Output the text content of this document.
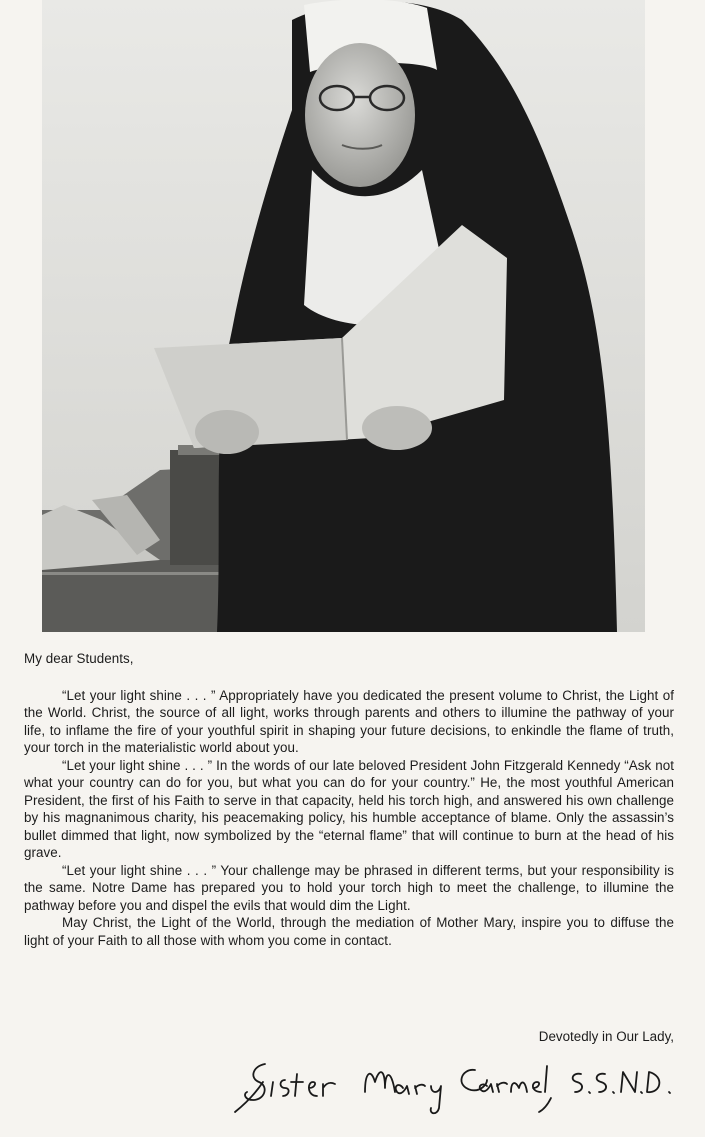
My dear Students,

“Let your light shine . . . ” Appropriately have you dedicated the present volume to Christ, the Light of the World. Christ, the source of all light, works through parents and others to illumine the pathway of your life, to inflame the fire of your youthful spirit in shaping your future decisions, to enkindle the flame of truth, your torch in the materialistic world about you.

“Let your light shine . . . ” In the words of our late beloved President John Fitzgerald Kennedy “Ask not what your country can do for you, but what you can do for your country.” He, the most youthful American President, the first of his Faith to serve in that capacity, held his torch high, and answered his own challenge by his magnanimous charity, his peacemaking policy, his humble acceptance of blame. Only the assassin’s bullet dimmed that light, now symbolized by the “eternal flame” that will continue to burn at the head of his grave.

“Let your light shine . . . ” Your challenge may be phrased in different terms, but your responsibility is the same. Notre Dame has prepared you to hold your torch high to meet the challenge, to illumine the pathway before you and dispel the evils that would dim the Light.

May Christ, the Light of the World, through the mediation of Mother Mary, inspire you to diffuse the light of your Faith to all those with whom you come in contact.

Devotedly in Our Lady,
